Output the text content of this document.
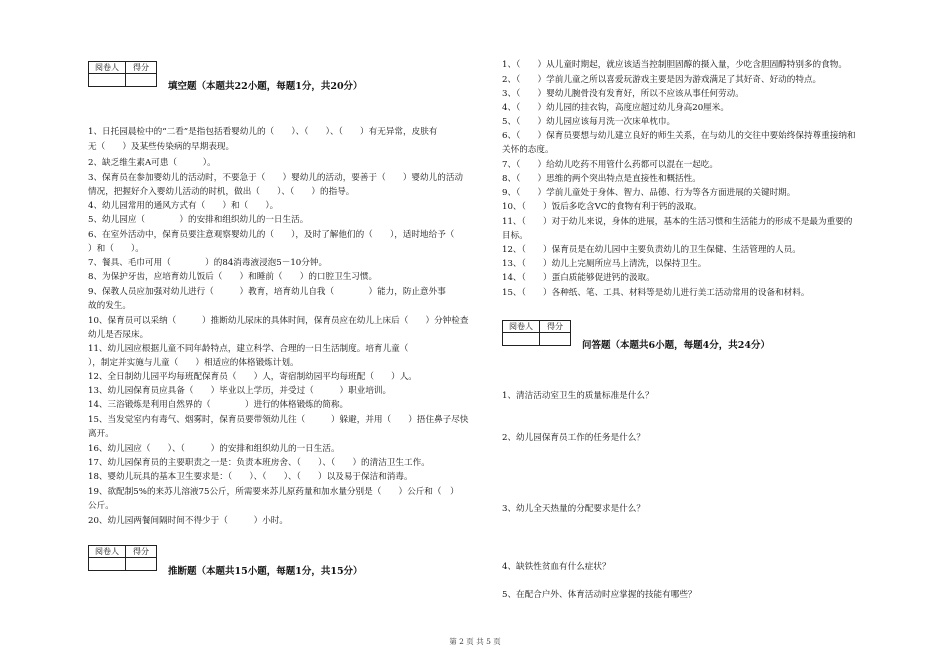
阅卷人	得分

填空题（本题共22小题，每题1分，共20分）
1、日托园晨检中的“二看”是指包括看婴幼儿的（　　）、（　　）、（　　）有无异常，皮肤有
无（　　）及某些传染病的早期表现。
2、缺乏维生素A可患（　　　）。
3、保育员在参加婴幼儿的活动时，不要急于（　　）婴幼儿的活动，要善于（　　）婴幼儿的活动
情况，把握好介入婴幼儿活动的时机，做出（　　）、（　　）的指导。
4、幼儿园常用的通风方式有（　　）和（　　）。
5、幼儿园应（　　　　）的安排和组织幼儿的一日生活。
6、在室外活动中，保育员要注意观察婴幼儿的（　　），及时了解他们的（　　），适时地给予（
）和（　　）。
7、餐具、毛巾可用（　　　　）的84消毒液浸泡5－10分钟。
8、为保护牙齿，应培育幼儿饭后（　　）和睡前（　　）的口腔卫生习惯。
9、保教人员应加强对幼儿进行（　　　）教育，培育幼儿自我（　　　　）能力，防止意外事
故的发生。
10、保育员可以采纳（　　　）推断幼儿尿床的具体时间，保育员应在幼儿上床后（　　）分钟检查
幼儿是否尿床。
11、幼儿园应根据儿童不同年龄特点，建立科学、合理的一日生活制度。培育儿童（
），制定并实施与儿童（　　）相适应的体格锻炼计划。
12、全日制幼儿园平均每班配保育员（　　）人，寄宿制幼园平均每班配（　　）人。
13、幼儿园保育员应具备（　　）毕业以上学历，并受过（　　　）职业培训。
14、三浴锻炼是利用自然界的（　　　　）进行的体格锻炼的简称。
15、当发觉室内有毒气、烟雾时，保育员要带领幼儿往（　　　）躲避，并用（　　）捂住鼻子尽快
离开。
16、幼儿园应（　　）、（　　　）的安排和组织幼儿的一日生活。
17、幼儿园保育员的主要职责之一是：负责本班房舍、（　　）、（　　）的清洁卫生工作。
18、婴幼儿玩具的基本卫生要求是：（　　）、（　　）、（　　）以及易于保洁和消毒。
19、欲配制5%的来苏儿溶液75公斤，所需要来苏儿原药量和加水量分别是（　　）公斤和（　）
公斤。
20、幼儿园两餐间隔时间不得少于（　　　）小时。
阅卷人	得分

推断题（本题共15小题，每题1分，共15分）
1、（　　）从儿童时期起，就应该适当控制胆固醇的摄入量，少吃含胆固醇特别多的食物。
2、（　　）学前儿童之所以喜爱玩游戏主要是因为游戏满足了其好奇、好动的特点。
3、（　　）婴幼儿腕骨没有发育好，所以不应该从事任何劳动。
4、（　　）幼儿园的挂衣钩，高度应超过幼儿身高20厘米。
5、（　　）幼儿园应该每月洗一次床单枕巾。
6、（　　）保育员要想与幼儿建立良好的师生关系，在与幼儿的交往中要始终保持尊重接纳和
关怀的态度。
7、（　　）给幼儿吃药不用管什么药都可以混在一起吃。
8、（　　）思维的两个突出特点是直接性和概括性。
9、（　　）学前儿童处于身体、智力、品德、行为等各方面进展的关键时期。
10、（　　）饭后多吃含VC的食物有利于钙的汲取。
11、（　　）对于幼儿来说，身体的进展，基本的生活习惯和生活能力的形成不是最为重要的
目标。
12、（　　）保育员是在幼儿园中主要负责幼儿的卫生保健、生活管理的人员。
13、（　　）幼儿上完厕所应马上清洗，以保持卫生。
14、（　　）蛋白质能够促进钙的汲取。
15、（　　）各种纸、笔、工具、材料等是幼儿进行美工活动常用的设备和材料。
阅卷人	得分

问答题（本题共6小题，每题4分，共24分）
1、清洁活动室卫生的质量标准是什么？
2、幼儿园保育员工作的任务是什么？
3、幼儿全天热量的分配要求是什么？
4、缺铁性贫血有什么症状？
5、在配合户外、体育活动时应掌握的技能有哪些？
第 2 页 共 5 页
